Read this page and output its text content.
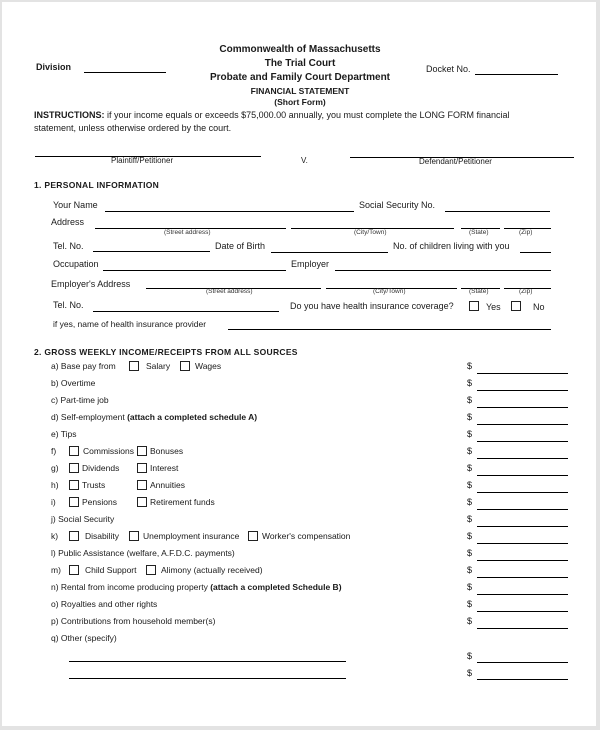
Commonwealth of Massachusetts
The Trial Court
Probate and Family Court Department
FINANCIAL STATEMENT
(Short Form)
Division	Docket No.
INSTRUCTIONS: if your income equals or exceeds $75,000.00 annually, you must complete the LONG FORM financial
statement, unless otherwise ordered by the court.
Plaintiff/Petitioner	V.	Defendant/Petitioner
1. PERSONAL INFORMATION
Your Name	Social Security No.
Address
(Street address)	(City/Town)	(State)	(Zip)
Tel. No.	Date of Birth	No. of children living with you
Occupation	Employer
Employer's Address
(Street address)	(City/Town)	(State)	(Zip)
Tel. No.	Do you have health insurance coverage?	Yes	No
if yes, name of health insurance provider
2. GROSS WEEKLY INCOME/RECEIPTS FROM ALL SOURCES
a) Base pay from	Salary	Wages	$
b) Overtime	$
c) Part-time job	$
d) Self-employment (attach a completed schedule A)	$
e) Tips	$
f)	Commissions Bonuses	$
g)	Dividends	Interest	$
h)	Trusts	Annuities	$
i)	Pensions	Retirement funds	$
j) Social Security	$
k)	Disability	Unemployment insurance	Worker's compensation	$
l) Public Assistance (welfare, A.F.D.C. payments)	$
m)	Child Support	Alimony (actually received)	$
n) Rental from income producing property (attach a completed Schedule B)	$
o) Royalties and other rights	$
p) Contributions from household member(s)	$
q) Other (specify)
$
$
